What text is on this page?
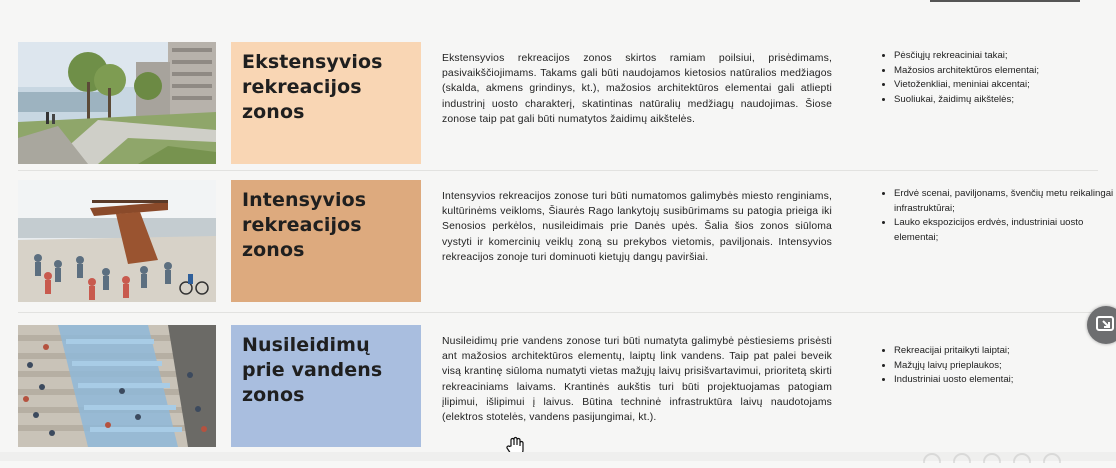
Ekstensyvios rekreacijos zonos
Ekstensyvios rekreacijos zonos skirtos ramiam poilsiui, prisėdimams, pasivaikščiojimams. Takams gali būti naudojamos kietosios natūralios medžiagos (skalda, akmens grindinys, kt.), mažosios architektūros elementai gali atliepti industrinį uosto charakterį, skatintinas natūralių medžiagų naudojimas. Šiose zonose taip pat gali būti numatytos žaidimų aikštelės.
• Pėsčiųjų rekreaciniai takai;
• Mažosios architektūros elementai;
• Vietoženkliai, meniniai akcentai;
• Suoliukai, žaidimų aikštelės;
Intensyvios rekreacijos zonos
Intensyvios rekreacijos zonose turi būti numatomos galimybės miesto renginiams, kultūrinėms veikloms, Šiaurės Rago lankytojų susibūrimams su patogia prieiga iki Senosios perkėlos, nusileidimais prie Danės upės. Šalia šios zonos siūloma vystyti ir komercinių veiklų zoną su prekybos vietomis, paviljonais. Intensyvios rekreacijos zonoje turi dominuoti kietųjų dangų paviršiai.
• Erdvė scenai, paviljonams, švenčių metu reikalingai infrastruktūrai;
• Lauko ekspozicijos erdvės, industriniai uosto elementai;
Nusileidimų prie vandens zonos
Nusileidimų prie vandens zonose turi būti numatyta galimybė pėstiesiems prisėsti ant mažosios architektūros elementų, laiptų link vandens. Taip pat palei beveik visą krantinę siūloma numatyti vietas mažųjų laivų prisišvartavimui, prioritetą skirti rekreaciniams laivams. Krantinės aukštis turi būti projektuojamas patogiam įlipimui, išlipimui į laivus. Būtina techninė infrastruktūra laivų naudotojams (elektros stotelės, vandens pasijungimai, kt.).
• Rekreacijai pritaikyti laiptai;
• Mažųjų laivų prieplaukos;
• Industriniai uosto elementai;
